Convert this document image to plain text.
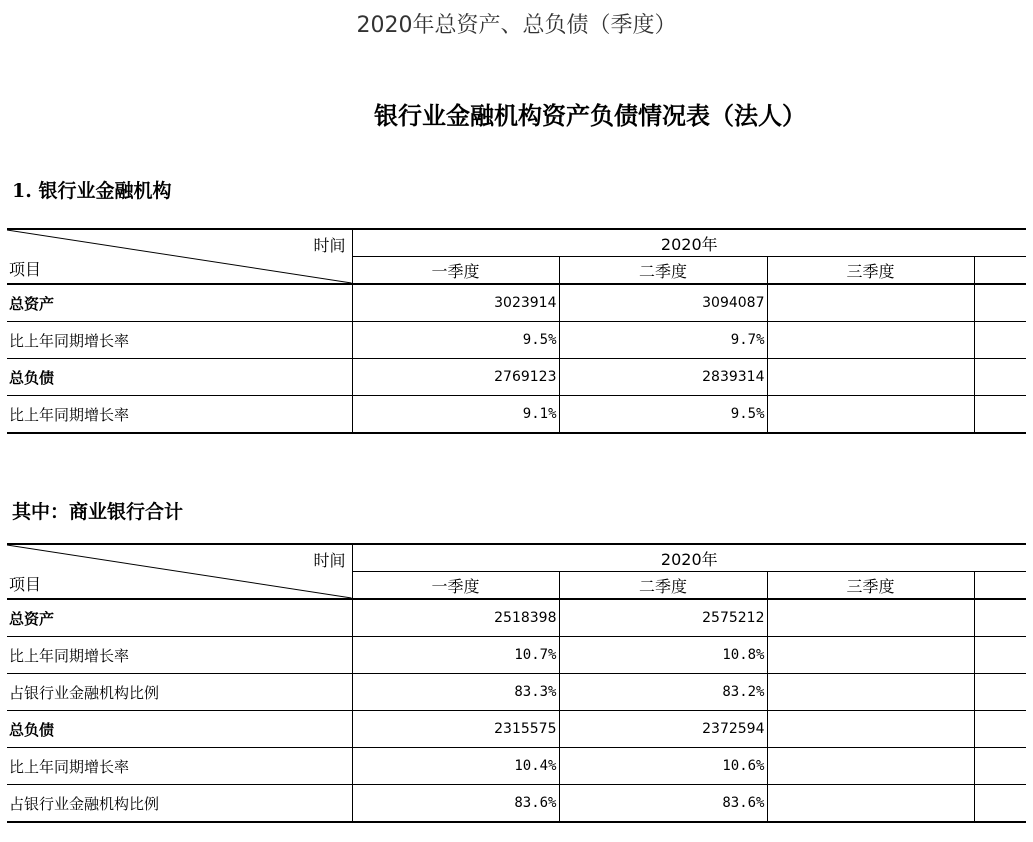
2020年总资产、总负债（季度）
银行业金融机构资产负债情况表（法人）
1. 银行业金融机构
时间
项目	2020年			
	一季度	二季度	三季度	
总资产	3023914	3094087		
比上年同期增长率	9.5%	9.7%		
总负债	2769123	2839314		
比上年同期增长率	9.1%	9.5%		
其中：商业银行合计
时间
项目	2020年			
	一季度	二季度	三季度	
总资产	2518398	2575212		
比上年同期增长率	10.7%	10.8%		
占银行业金融机构比例	83.3%	83.2%		
总负债	2315575	2372594		
比上年同期增长率	10.4%	10.6%		
占银行业金融机构比例	83.6%	83.6%		
